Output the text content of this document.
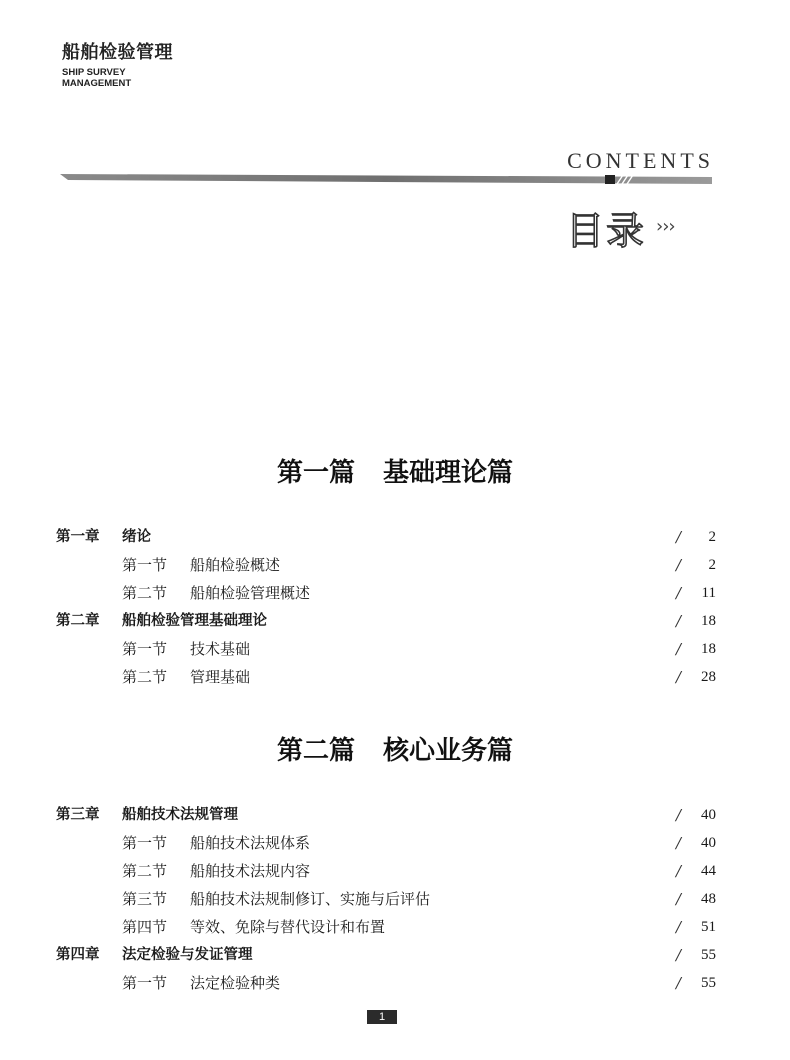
船舶检验管理
SHIP SURVEY
MANAGEMENT
CONTENTS
目录 ›››
第一篇 基础理论篇
第一章 绪论	/ 2
第一节 船舶检验概述	/ 2
第二节 船舶检验管理概述	/ 11
第二章 船舶检验管理基础理论	/ 18
第一节 技术基础	/ 18
第二节 管理基础	/ 28
第二篇 核心业务篇
第三章 船舶技术法规管理	/ 40
第一节 船舶技术法规体系	/ 40
第二节 船舶技术法规内容	/ 44
第三节 船舶技术法规制修订、实施与后评估	/ 48
第四节 等效、免除与替代设计和布置	/ 51
第四章 法定检验与发证管理	/ 55
第一节 法定检验种类	/ 55
1
